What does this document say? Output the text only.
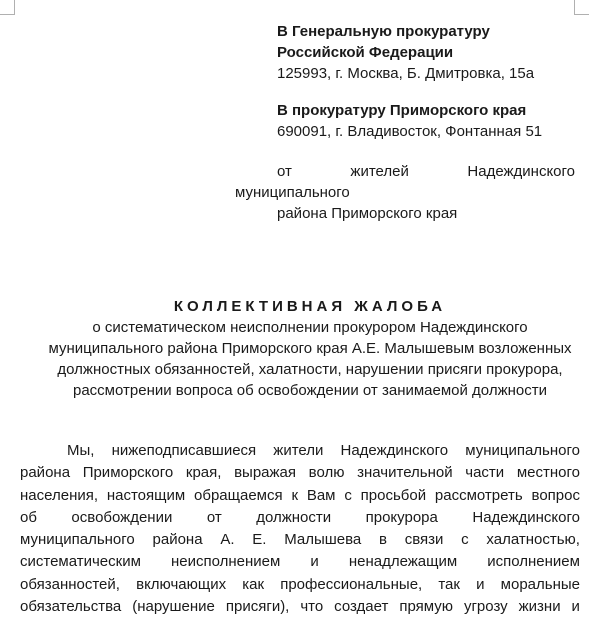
В Генеральную прокуратуру
Российской Федерации
125993, г. Москва, Б. Дмитровка, 15а
В прокуратуру Приморского края
690091, г. Владивосток, Фонтанная 51
от	жителей	Надеждинского
муниципального
района Приморского края
КОЛЛЕКТИВНАЯ ЖАЛОБА
о систематическом неисполнении прокурором Надеждинского
муниципального района Приморского края А.Е. Малышевым возложенных
должностных обязанностей, халатности, нарушении присяги прокурора,
рассмотрении вопроса об освобождении от занимаемой должности
Мы, нижеподписавшиеся жители Надеждинского муниципального
района Приморского края, выражая волю значительной части местного
населения, настоящим обращаемся к Вам с просьбой рассмотреть вопрос
об освобождении от должности прокурора Надеждинского
муниципального района А. Е. Малышева в связи с халатностью,
систематическим неисполнением и ненадлежащим исполнением
обязанностей, включающих как профессиональные, так и моральные
обязательства (нарушение присяги), что создает прямую угрозу жизни и
